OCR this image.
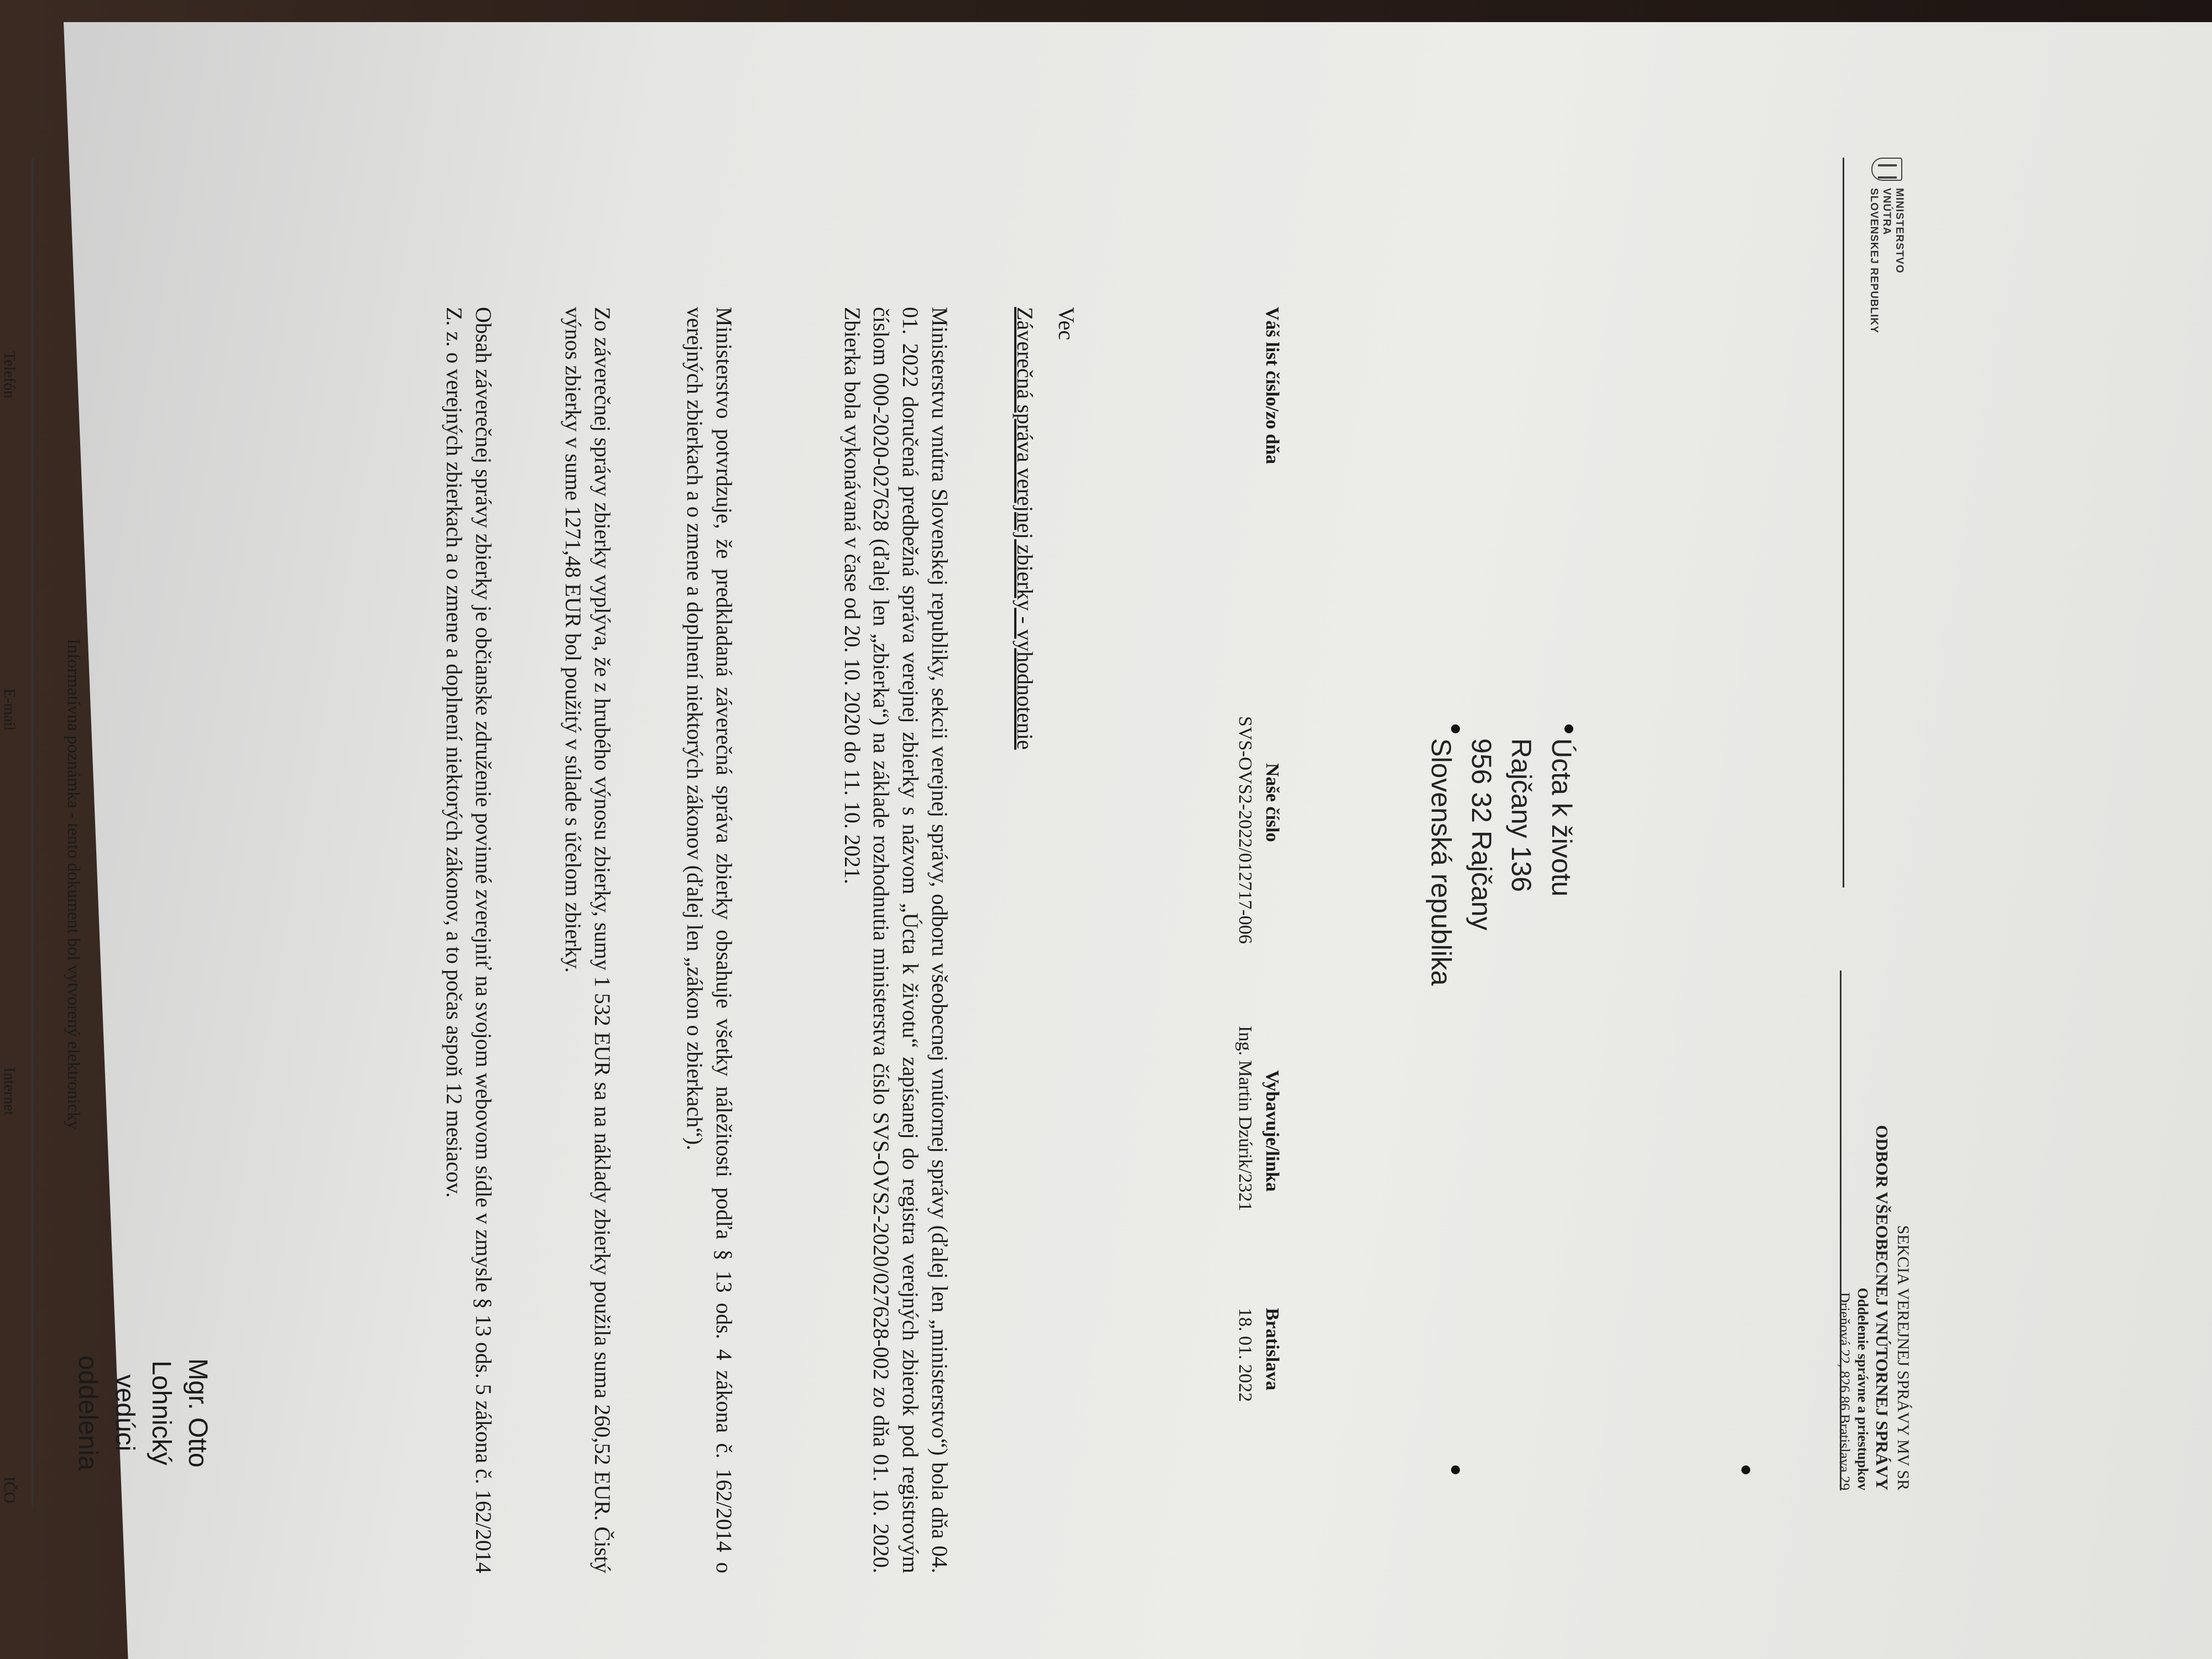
MINISTERSTVO
VNÚTRA
SLOVENSKEJ REPUBLIKY
SEKCIA VEREJNEJ SPRÁVY MV SR
ODBOR VŠEOBECNEJ VNÚTORNEJ SPRÁVY
Oddelenie správne a priestupkov
Drieňová 22, 826 86 Bratislava 29
Úcta k životu
Rajčany 136
956 32 Rajčany
Slovenská republika
Váš list číslo/zo dňa
Naše číslo
SVS-OVS2-2022/012717-006
Vybavuje/linka
Ing. Martin Dzúrik/2321
Bratislava
18. 01. 2022
Vec
Záverečná správa verejnej zbierky - vyhodnotenie
Ministerstvu vnútra Slovenskej republiky, sekcii verejnej správy, odboru všeobecnej vnútornej správy (ďalej len „ministerstvo“) bola dňa 04. 01. 2022 doručená predbežná správa verejnej zbierky s názvom „Úcta k životu“ zapísanej do registra verejných zbierok pod registrovým číslom 000-2020-027628 (ďalej len „zbierka“) na základe rozhodnutia ministerstva číslo SVS-OVS2-2020/027628-002 zo dňa 01. 10. 2020. Zbierka bola vykonávaná v čase od 20. 10. 2020 do 11. 10. 2021.
Ministerstvo potvrdzuje, že predkladaná záverečná správa zbierky obsahuje všetky náležitosti podľa § 13 ods. 4 zákona č. 162/2014 o verejných zbierkach a o zmene a doplnení niektorých zákonov (ďalej len „zákon o zbierkach“).
Zo záverečnej správy zbierky vyplýva, že z hrubého výnosu zbierky, sumy 1 532 EUR sa na náklady zbierky použila suma 260,52 EUR. Čistý výnos zbierky v sume 1271,48 EUR bol použitý v súlade s účelom zbierky.
Obsah záverečnej správy zbierky je občianske združenie povinné zverejniť na svojom webovom sídle v zmysle § 13 ods. 5 zákona č. 162/2014 Z. z. o verejných zbierkach a o zmene a doplnení niektorých zákonov, a to počas aspoň 12 mesiacov.
Mgr. Otto Lohnický
vedúci oddelenia
Informatívna poznámka - tento dokument bol vytvorený elektronicky
Telefón
E-mail
Internet
IČO
